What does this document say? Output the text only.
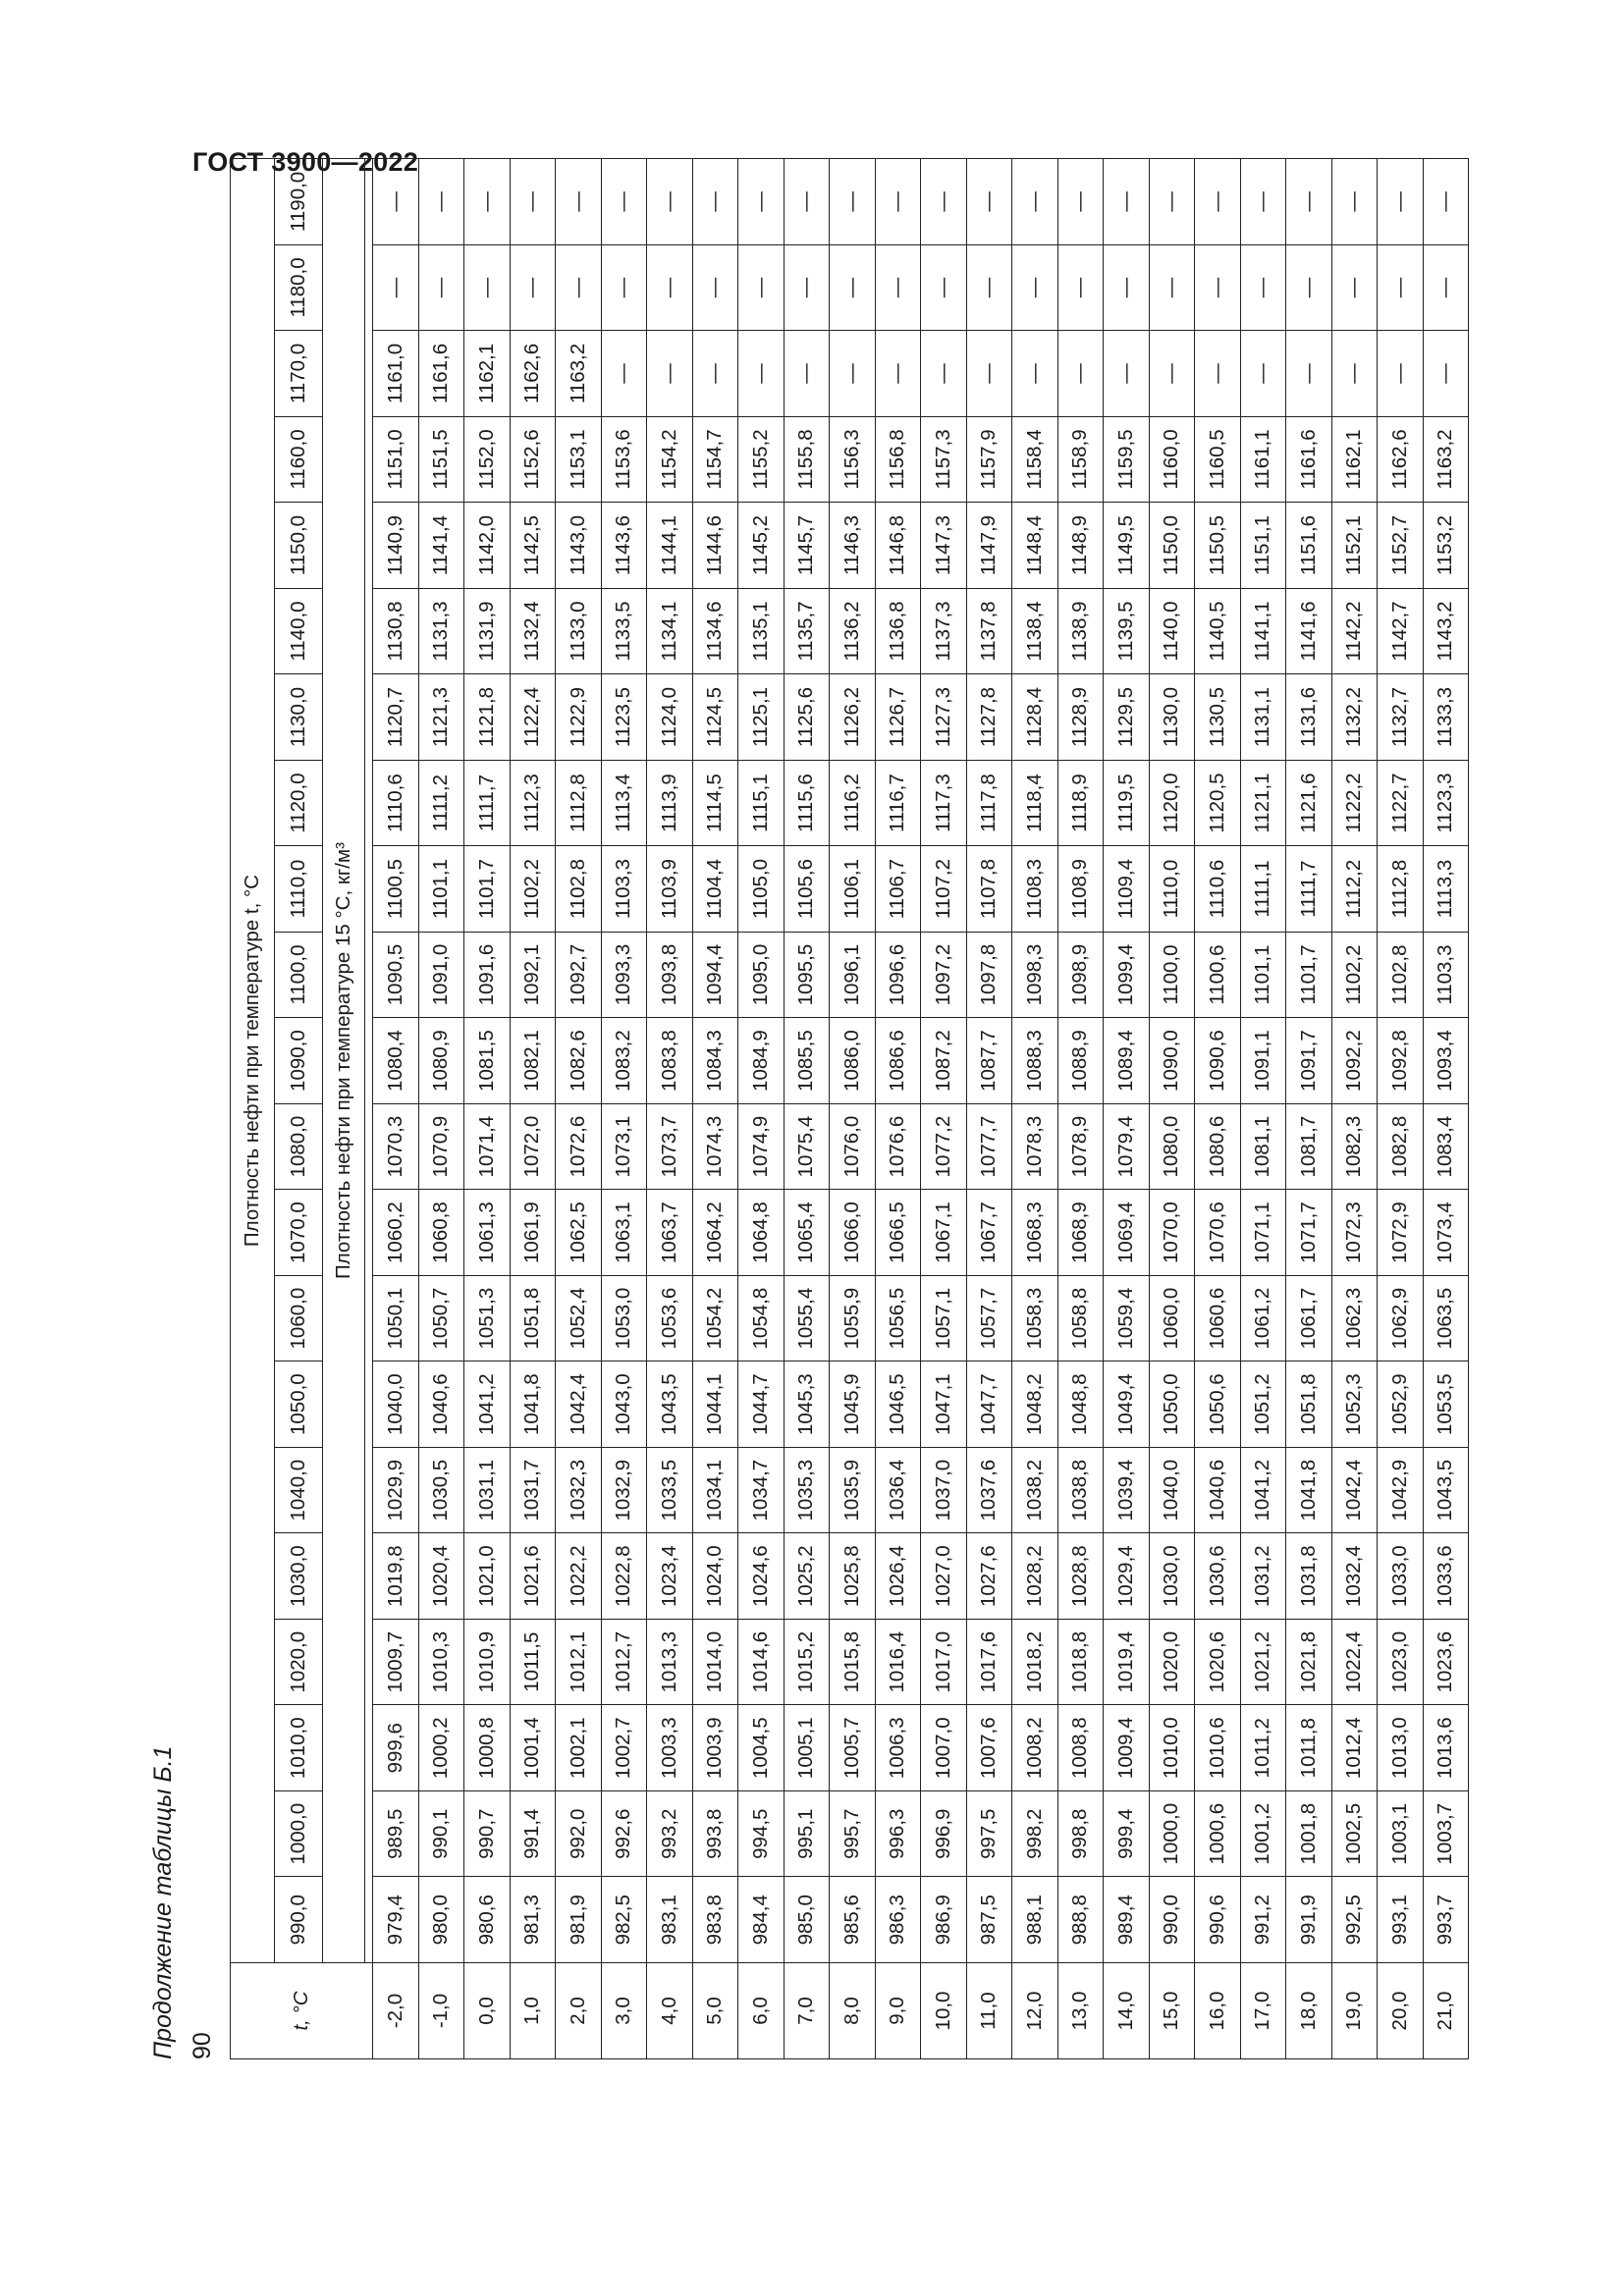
ГОСТ 3900—2022
Продолжение таблицы Б.1 90
t, °С	Плотность нефти при температуре t, °С																				
	990,0	1000,0	1010,0	1020,0	1030,0	1040,0	1050,0	1060,0	1070,0	1080,0	1090,0	1100,0	1110,0	1120,0	1130,0	1140,0	1150,0	1160,0	1170,0	1180,0	1190,0
	Плотность нефти при температуре 15 °С, кг/м³																				

-2,0	979,4	989,5	999,6	1009,7	1019,8	1029,9	1040,0	1050,1	1060,2	1070,3	1080,4	1090,5	1100,5	1110,6	1120,7	1130,8	1140,9	1151,0	1161,0	—	—
-1,0	980,0	990,1	1000,2	1010,3	1020,4	1030,5	1040,6	1050,7	1060,8	1070,9	1080,9	1091,0	1101,1	1111,2	1121,3	1131,3	1141,4	1151,5	1161,6	—	—
0,0	980,6	990,7	1000,8	1010,9	1021,0	1031,1	1041,2	1051,3	1061,3	1071,4	1081,5	1091,6	1101,7	1111,7	1121,8	1131,9	1142,0	1152,0	1162,1	—	—
1,0	981,3	991,4	1001,4	1011,5	1021,6	1031,7	1041,8	1051,8	1061,9	1072,0	1082,1	1092,1	1102,2	1112,3	1122,4	1132,4	1142,5	1152,6	1162,6	—	—
2,0	981,9	992,0	1002,1	1012,1	1022,2	1032,3	1042,4	1052,4	1062,5	1072,6	1082,6	1092,7	1102,8	1112,8	1122,9	1133,0	1143,0	1153,1	1163,2	—	—
3,0	982,5	992,6	1002,7	1012,7	1022,8	1032,9	1043,0	1053,0	1063,1	1073,1	1083,2	1093,3	1103,3	1113,4	1123,5	1133,5	1143,6	1153,6	—	—	—
4,0	983,1	993,2	1003,3	1013,3	1023,4	1033,5	1043,5	1053,6	1063,7	1073,7	1083,8	1093,8	1103,9	1113,9	1124,0	1134,1	1144,1	1154,2	—	—	—
5,0	983,8	993,8	1003,9	1014,0	1024,0	1034,1	1044,1	1054,2	1064,2	1074,3	1084,3	1094,4	1104,4	1114,5	1124,5	1134,6	1144,6	1154,7	—	—	—
6,0	984,4	994,5	1004,5	1014,6	1024,6	1034,7	1044,7	1054,8	1064,8	1074,9	1084,9	1095,0	1105,0	1115,1	1125,1	1135,1	1145,2	1155,2	—	—	—
7,0	985,0	995,1	1005,1	1015,2	1025,2	1035,3	1045,3	1055,4	1065,4	1075,4	1085,5	1095,5	1105,6	1115,6	1125,6	1135,7	1145,7	1155,8	—	—	—
8,0	985,6	995,7	1005,7	1015,8	1025,8	1035,9	1045,9	1055,9	1066,0	1076,0	1086,0	1096,1	1106,1	1116,2	1126,2	1136,2	1146,3	1156,3	—	—	—
9,0	986,3	996,3	1006,3	1016,4	1026,4	1036,4	1046,5	1056,5	1066,5	1076,6	1086,6	1096,6	1106,7	1116,7	1126,7	1136,8	1146,8	1156,8	—	—	—
10,0	986,9	996,9	1007,0	1017,0	1027,0	1037,0	1047,1	1057,1	1067,1	1077,2	1087,2	1097,2	1107,2	1117,3	1127,3	1137,3	1147,3	1157,3	—	—	—
11,0	987,5	997,5	1007,6	1017,6	1027,6	1037,6	1047,7	1057,7	1067,7	1077,7	1087,7	1097,8	1107,8	1117,8	1127,8	1137,8	1147,9	1157,9	—	—	—
12,0	988,1	998,2	1008,2	1018,2	1028,2	1038,2	1048,2	1058,3	1068,3	1078,3	1088,3	1098,3	1108,3	1118,4	1128,4	1138,4	1148,4	1158,4	—	—	—
13,0	988,8	998,8	1008,8	1018,8	1028,8	1038,8	1048,8	1058,8	1068,9	1078,9	1088,9	1098,9	1108,9	1118,9	1128,9	1138,9	1148,9	1158,9	—	—	—
14,0	989,4	999,4	1009,4	1019,4	1029,4	1039,4	1049,4	1059,4	1069,4	1079,4	1089,4	1099,4	1109,4	1119,5	1129,5	1139,5	1149,5	1159,5	—	—	—
15,0	990,0	1000,0	1010,0	1020,0	1030,0	1040,0	1050,0	1060,0	1070,0	1080,0	1090,0	1100,0	1110,0	1120,0	1130,0	1140,0	1150,0	1160,0	—	—	—
16,0	990,6	1000,6	1010,6	1020,6	1030,6	1040,6	1050,6	1060,6	1070,6	1080,6	1090,6	1100,6	1110,6	1120,5	1130,5	1140,5	1150,5	1160,5	—	—	—
17,0	991,2	1001,2	1011,2	1021,2	1031,2	1041,2	1051,2	1061,2	1071,1	1081,1	1091,1	1101,1	1111,1	1121,1	1131,1	1141,1	1151,1	1161,1	—	—	—
18,0	991,9	1001,8	1011,8	1021,8	1031,8	1041,8	1051,8	1061,7	1071,7	1081,7	1091,7	1101,7	1111,7	1121,6	1131,6	1141,6	1151,6	1161,6	—	—	—
19,0	992,5	1002,5	1012,4	1022,4	1032,4	1042,4	1052,3	1062,3	1072,3	1082,3	1092,2	1102,2	1112,2	1122,2	1132,2	1142,2	1152,1	1162,1	—	—	—
20,0	993,1	1003,1	1013,0	1023,0	1033,0	1042,9	1052,9	1062,9	1072,9	1082,8	1092,8	1102,8	1112,8	1122,7	1132,7	1142,7	1152,7	1162,6	—	—	—
21,0	993,7	1003,7	1013,6	1023,6	1033,6	1043,5	1053,5	1063,5	1073,4	1083,4	1093,4	1103,3	1113,3	1123,3	1133,3	1143,2	1153,2	1163,2	—	—	—
